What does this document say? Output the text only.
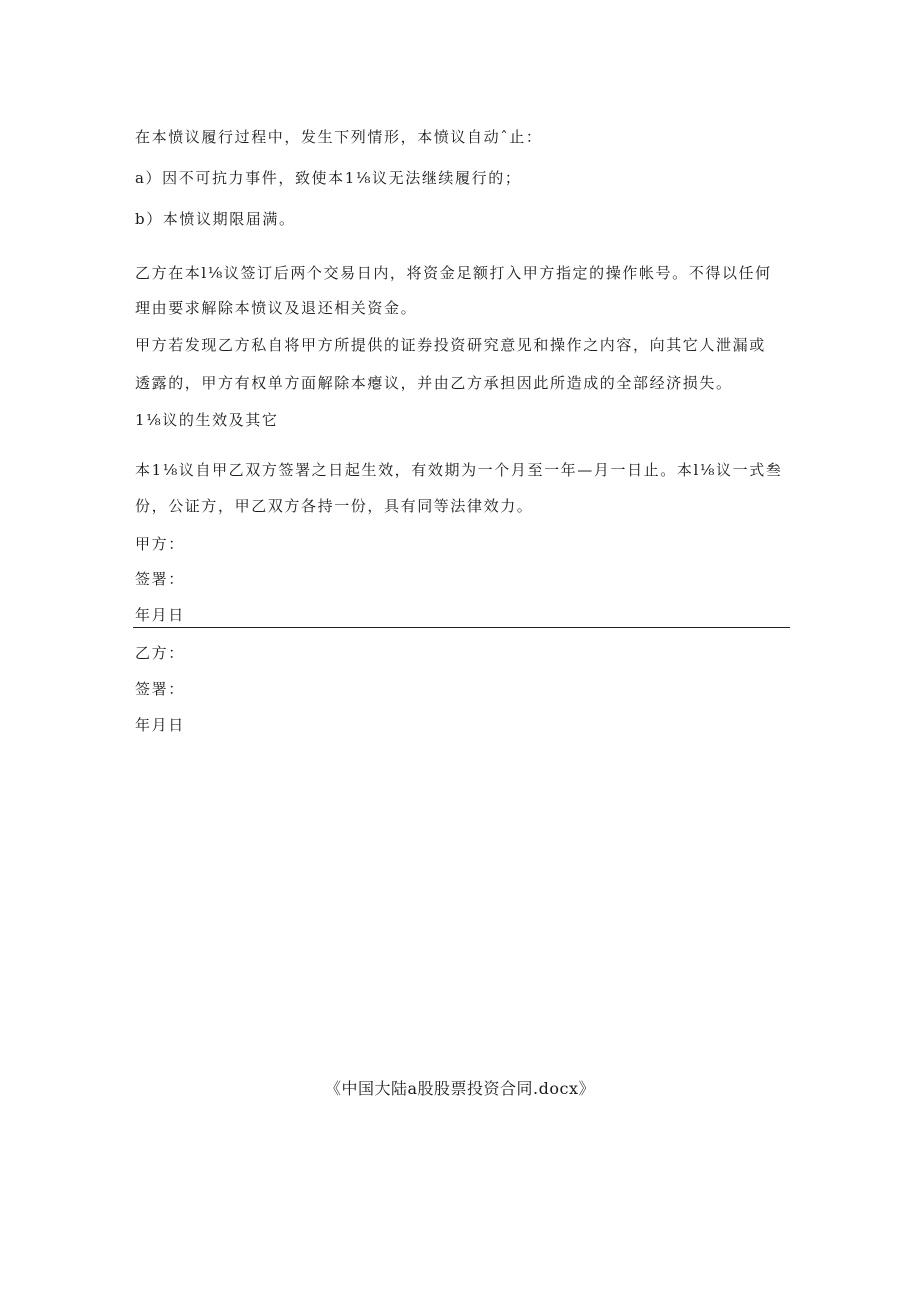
在本愤议履行过程中，发生下列情形，本愤议自动ˆ止：
a）因不可抗力事件，致使本1⅛议无法继续履行的；
b）本愤议期限届满。
乙方在本l⅛议签订后两个交易日内，将资金足额打入甲方指定的操作帐号。不得以任何
理由要求解除本愤议及退还相关资金。
甲方若发现乙方私自将甲方所提供的证券投资研究意见和操作之内容，向其它人泄漏或
透露的，甲方有权单方面解除本瘪议，并由乙方承担因此所造成的全部经济损失。
1⅛议的生效及其它
本1⅛议自甲乙双方签署之日起生效，有效期为一个月至一年—月一日止。本l⅛议一式叁
份，公证方，甲乙双方各持一份，具有同等法律效力。
甲方：
签署：
年月日
乙方：
签署：
年月日
《中国大陆a股股票投资合同.docx》
